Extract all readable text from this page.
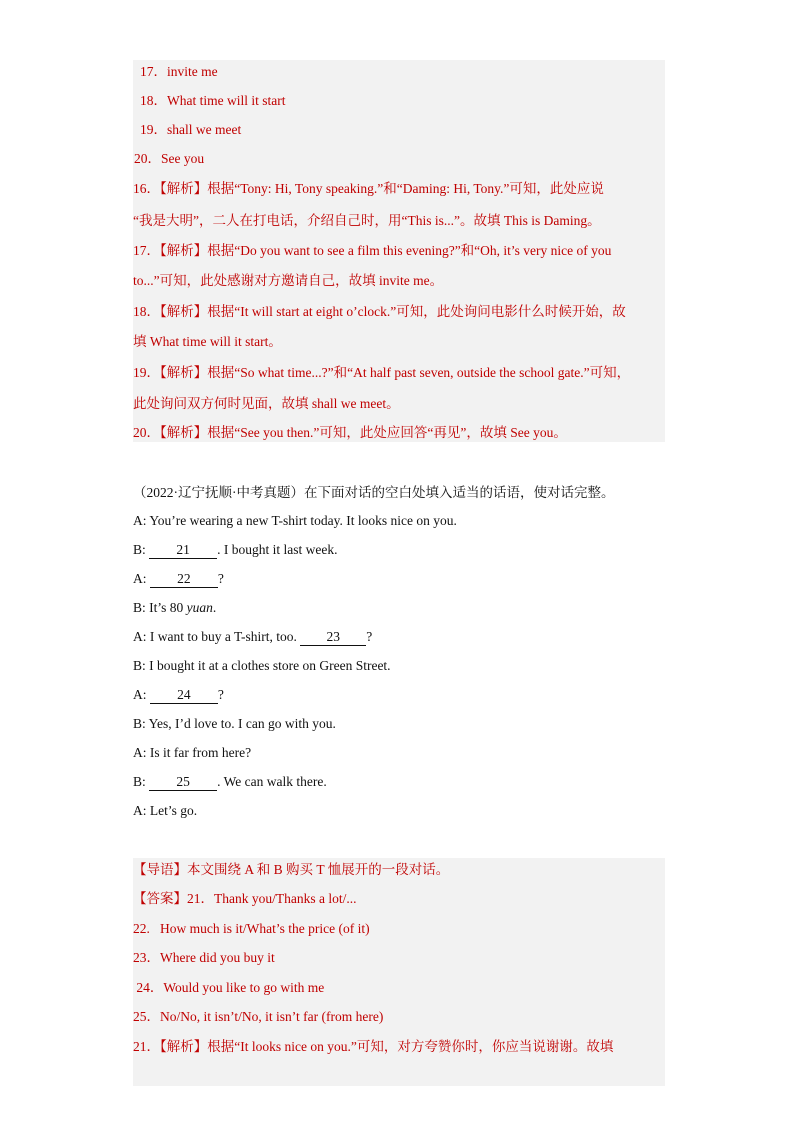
17．invite me
18．What time will it start
19．shall we meet
20．See you
16．【解析】根据“Tony: Hi, Tony speaking.”和“Daming: Hi, Tony.”可知，此处应说
“我是大明”，二人在打电话，介绍自己时，用“This is...”。故填 This is Daming。
17．【解析】根据“Do you want to see a film this evening?”和“Oh, it’s very nice of you
to...”可知，此处感谢对方邀请自己，故填 invite me。
18．【解析】根据“It will start at eight o’clock.”可知，此处询问电影什么时候开始，故
填 What time will it start。
19．【解析】根据“So what time...?”和“At half past seven, outside the school gate.”可知，
此处询问双方何时见面，故填 shall we meet。
20．【解析】根据“See you then.”可知，此处应回答“再见”，故填 See you。
（2022·辽宁抚顺·中考真题）在下面对话的空白处填入适当的话语，使对话完整。
A: You’re wearing a new T-shirt today. It looks nice on you.
B: 21 . I bought it last week.
A: 22 ?
B: It’s 80 yuan.
A: I want to buy a T-shirt, too. 23 ?
B: I bought it at a clothes store on Green Street.
A: 24 ?
B: Yes, I’d love to. I can go with you.
A: Is it far from here?
B: 25 . We can walk there.
A: Let’s go.
【导语】本文围绕 A 和 B 购买 T 恤展开的一段对话。
【答案】21．Thank you/Thanks a lot/...
22.   How much is it/What’s the price (of it)
23．Where did you buy it
24．Would you like to go with me
25．No/No, it isn’t/No, it isn’t far (from here)
21．【解析】根据“It looks nice on you.”可知，对方夸赞你时，你应当说谢谢。故填
